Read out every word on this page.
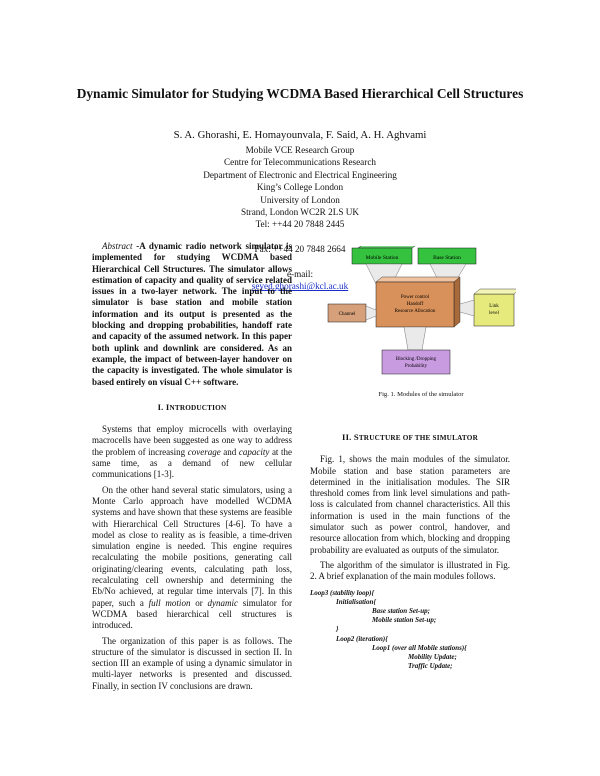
Dynamic Simulator for Studying WCDMA Based Hierarchical Cell Structures
S. A. Ghorashi, E. Homayounvala, F. Said, A. H. Aghvami
Mobile VCE Research Group
Centre for Telecommunications Research
Department of Electronic and Electrical Engineering
King’s College London
University of London
Strand, London WC2R 2LS UK
Tel: ++44 20 7848 2445

Fax: ++44 20 7848 2664

e-mail:
seyed.ghorashi@kcl.ac.uk

Abstract -A dynamic radio network simulator is implemented for studying WCDMA based Hierarchical Cell Structures. The simulator allows estimation of capacity and quality of service related issues in a two-layer network. The input to the simulator is base station and mobile station information and its output is presented as the blocking and dropping probabilities, handoff rate and capacity of the assumed network. In this paper both uplink and downlink are considered. As an example, the impact of between-layer handover on the capacity is investigated. The whole simulator is based entirely on visual C++ software.

I. INTRODUCTION

Systems that employ microcells with overlaying macrocells have been suggested as one way to address the problem of increasing coverage and capacity at the same time, as a demand of new cellular communications [1-3].

On the other hand several static simulators, using a Monte Carlo approach have modelled WCDMA systems and have shown that these systems are feasible with Hierarchical Cell Structures [4-6]. To have a model as close to reality as is feasible, a time-driven simulation engine is needed. This engine requires recalculating the mobile positions, generating call originating/clearing events, calculating path loss, recalculating cell ownership and determining the Eb/No achieved, at regular time intervals [7]. In this paper, such a full motion or dynamic simulator for WCDMA based hierarchical cell structures is introduced.

The organization of this paper is as follows. The structure of the simulator is discussed in section II. In section III an example of using a dynamic simulator in multi-layer networks is presented and discussed. Finally, in section IV conclusions are drawn.

Mobile Station	Base Station
Power control
Handoff
Resource Allocation
Channel
Link
level
Blocking /Dropping
Probability
Fig. 1. Modules of the simulator
II. STRUCTURE OF THE SIMULATOR

Fig. 1, shows the main modules of the simulator. Mobile station and base station parameters are determined in the initialisation modules. The SIR threshold comes from link level simulations and path-loss is calculated from channel characteristics. All this information is used in the main functions of the simulator such as power control, handover, and resource allocation from which, blocking and dropping probability are evaluated as outputs of the simulator.

The algorithm of the simulator is illustrated in Fig. 2. A brief explanation of the main modules follows.

Loop3 (stability loop){
Initialisation{
Base station Set-up;
Mobile station Set-up;
}
Loop2 (iteration){
Loop1 (over all Mobile stations){
Mobility Update;
Traffic Update;
